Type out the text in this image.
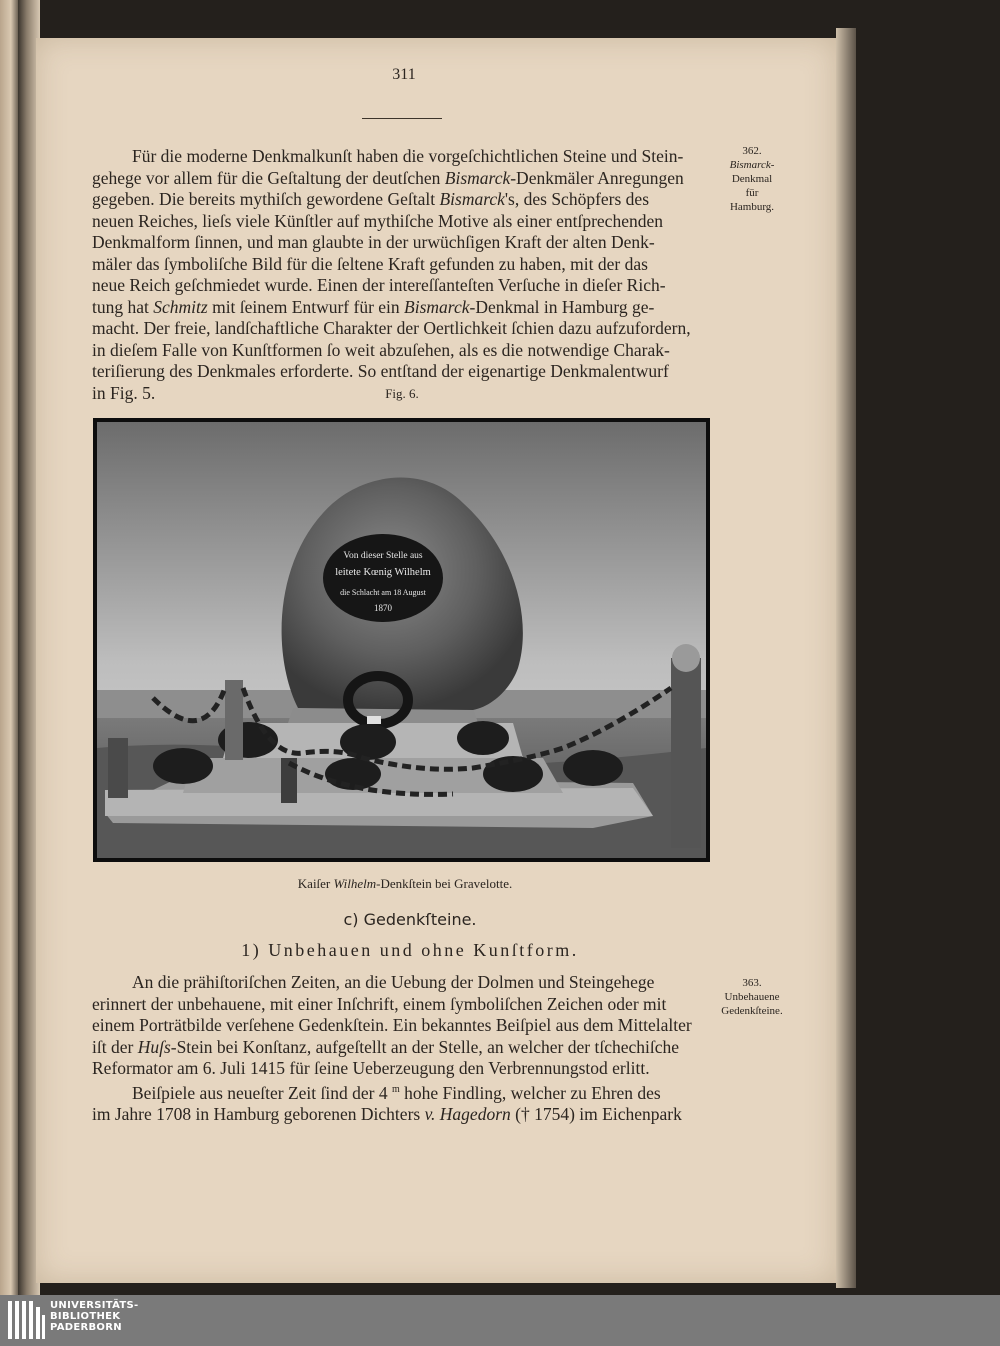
311

Für die moderne Denkmalkunſt haben die vorgeſchichtlichen Steine und Stein-

gehege vor allem für die Geſtaltung der deutſchen Bismarck-Denkmäler Anregungen

gegeben. Die bereits mythiſch gewordene Geſtalt Bismarck's, des Schöpfers des

neuen Reiches, lieſs viele Künſtler auf mythiſche Motive als einer entſprechenden

Denkmalform ſinnen, und man glaubte in der urwüchſigen Kraft der alten Denk-

mäler das ſymboliſche Bild für die ſeltene Kraft gefunden zu haben, mit der das

neue Reich geſchmiedet wurde. Einen der intereſſanteſten Verſuche in dieſer Rich-

tung hat Schmitz mit ſeinem Entwurf für ein Bismarck-Denkmal in Hamburg ge-

macht. Der freie, landſchaftliche Charakter der Oertlichkeit ſchien dazu aufzufordern,

in dieſem Falle von Kunſtformen ſo weit abzuſehen, als es die notwendige Charak-

teriſierung des Denkmales erforderte. So entſtand der eigenartige Denkmalentwurf

in Fig. 5.

362.
Bismarck-
Denkmal
für
Hamburg.
Fig. 6.
Von dieser Stelle aus
leitete Kœnig Wilhelm
die Schlacht am 18 August
1870
Kaiſer Wilhelm-Denkſtein bei Gravelotte.
c) Gedenkſteine.
1) Unbehauen und ohne Kunſtform.

An die prähiſtoriſchen Zeiten, an die Uebung der Dolmen und Steingehege

erinnert der unbehauene, mit einer Inſchrift, einem ſymboliſchen Zeichen oder mit

einem Porträtbilde verſehene Gedenkſtein. Ein bekanntes Beiſpiel aus dem Mittelalter

iſt der Huſs-Stein bei Konſtanz, aufgeſtellt an der Stelle, an welcher der tſchechiſche

Reformator am 6. Juli 1415 für ſeine Ueberzeugung den Verbrennungstod erlitt.

Beiſpiele aus neueſter Zeit ſind der 4 $^m$ hohe Findling, welcher zu Ehren des

im Jahre 1708 in Hamburg geborenen Dichters v. Hagedorn († 1754) im Eichenpark

363.
Unbehauene
Gedenkſteine.
UNIVERSITÄTS-
BIBLIOTHEK
PADERBORN
